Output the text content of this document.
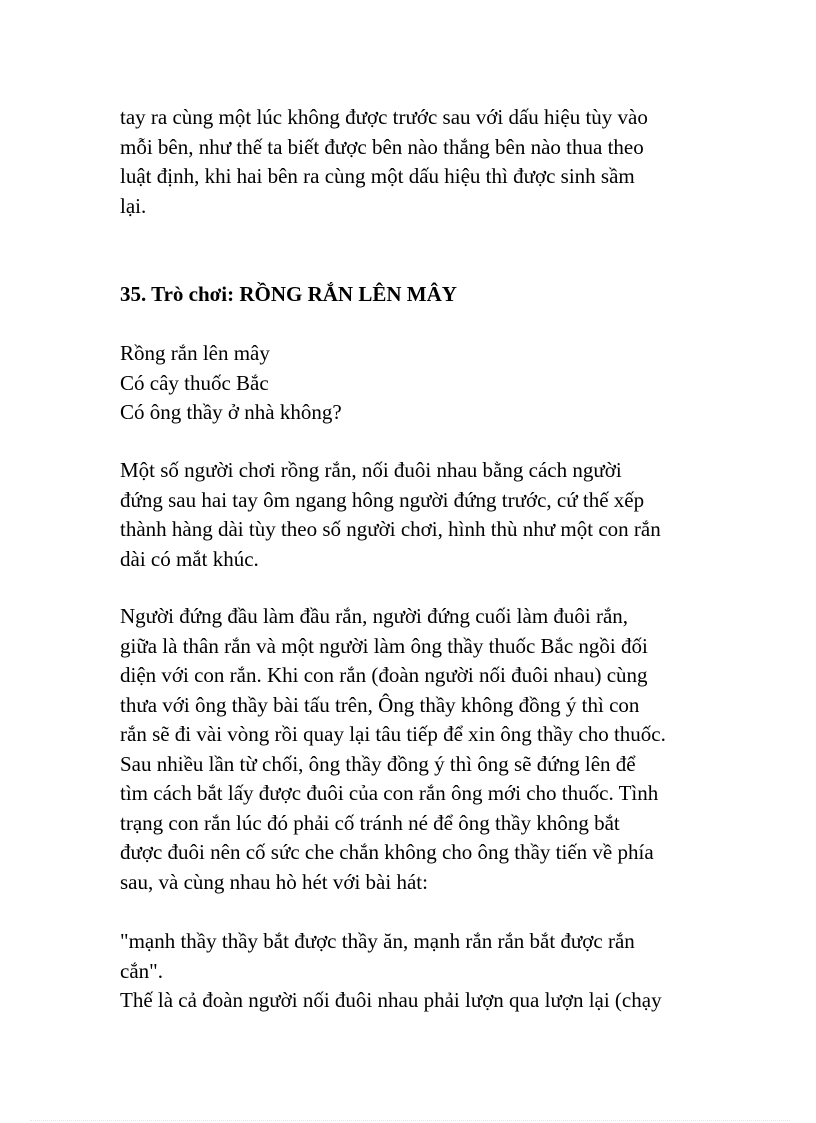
tay ra cùng một lúc không được trước sau với dấu hiệu tùy vào
mỗi bên, như thế ta biết được bên nào thắng bên nào thua theo
luật định, khi hai bên ra cùng một dấu hiệu thì được sinh sầm
lại.
35. Trò chơi: RỒNG RẮN LÊN MÂY
Rồng rắn lên mây
Có cây thuốc Bắc
Có ông thầy ở nhà không?
Một số người chơi rồng rắn, nối đuôi nhau bằng cách người
đứng sau hai tay ôm ngang hông người đứng trước, cứ thế xếp
thành hàng dài tùy theo số người chơi, hình thù như một con rắn
dài có mắt khúc.
Người đứng đầu làm đầu rắn, người đứng cuối làm đuôi rắn,
giữa là thân rắn và một người làm ông thầy thuốc Bắc ngồi đối
diện với con rắn. Khi con rắn (đoàn người nối đuôi nhau) cùng
thưa với ông thầy bài tấu trên, Ông thầy không đồng ý thì con
rắn sẽ đi vài vòng rồi quay lại tâu tiếp để xin ông thầy cho thuốc.
Sau nhiều lần từ chối, ông thầy đồng ý thì ông sẽ đứng lên để
tìm cách bắt lấy được đuôi của con rắn ông mới cho thuốc. Tình
trạng con rắn lúc đó phải cố tránh né để ông thầy không bắt
được đuôi nên cố sức che chắn không cho ông thầy tiến về phía
sau, và cùng nhau hò hét với bài hát:
"mạnh thầy thầy bắt được thầy ăn, mạnh rắn rắn bắt được rắn
cắn".
Thế là cả đoàn người nối đuôi nhau phải lượn qua lượn lại (chạy
